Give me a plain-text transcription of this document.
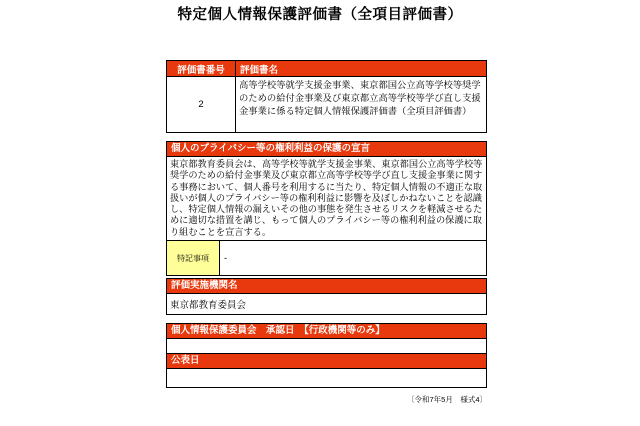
特定個人情報保護評価書（全項目評価書）
評価書番号	評価書名
2
高等学校等就学支援金事業、東京都国公立高等学校等奨学のための給付金事業及び東京都立高等学校等学び直し支援金事業に係る特定個人情報保護評価書（全項目評価書）
個人のプライバシー等の権利利益の保護の宣言
東京都教育委員会は、高等学校等就学支援金事業、東京都国公立高等学校等奨学のための給付金事業及び東京都立高等学校等学び直し支援金事業に関する事務において、個人番号を利用するに当たり、特定個人情報の不適正な取扱いが個人のプライバシー等の権利利益に影響を及ぼしかねないことを認識し、特定個人情報の漏えいその他の事態を発生させるリスクを軽減させるために適切な措置を講じ、もって個人のプライバシー等の権利利益の保護に取り組むことを宣言する。
特記事項	-
評価実施機関名
東京都教育委員会
個人情報保護委員会　承認日　【行政機関等のみ】
公表日
〔令和7年5月　様式4〕
